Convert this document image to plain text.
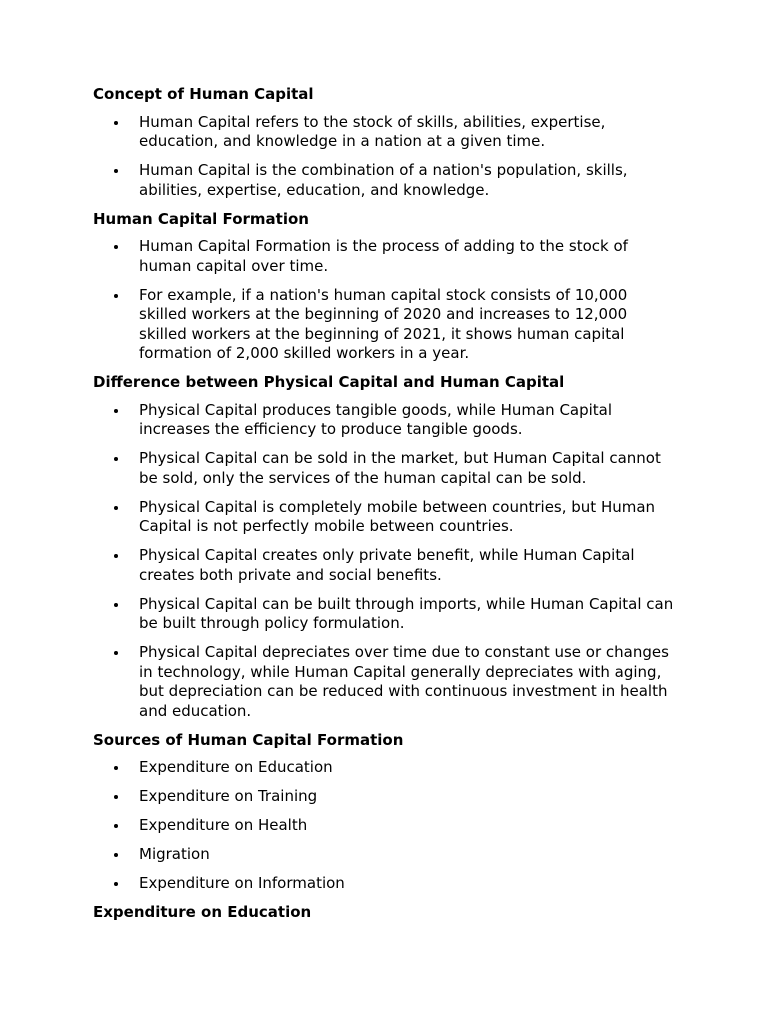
Concept of Human Capital
Human Capital refers to the stock of skills, abilities, expertise, education, and knowledge in a nation at a given time.
Human Capital is the combination of a nation's population, skills, abilities, expertise, education, and knowledge.
Human Capital Formation
Human Capital Formation is the process of adding to the stock of human capital over time.
For example, if a nation's human capital stock consists of 10,000 skilled workers at the beginning of 2020 and increases to 12,000 skilled workers at the beginning of 2021, it shows human capital formation of 2,000 skilled workers in a year.
Difference between Physical Capital and Human Capital
Physical Capital produces tangible goods, while Human Capital increases the efficiency to produce tangible goods.
Physical Capital can be sold in the market, but Human Capital cannot be sold, only the services of the human capital can be sold.
Physical Capital is completely mobile between countries, but Human Capital is not perfectly mobile between countries.
Physical Capital creates only private benefit, while Human Capital creates both private and social benefits.
Physical Capital can be built through imports, while Human Capital can be built through policy formulation.
Physical Capital depreciates over time due to constant use or changes in technology, while Human Capital generally depreciates with aging, but depreciation can be reduced with continuous investment in health and education.
Sources of Human Capital Formation
Expenditure on Education
Expenditure on Training
Expenditure on Health
Migration
Expenditure on Information
Expenditure on Education
